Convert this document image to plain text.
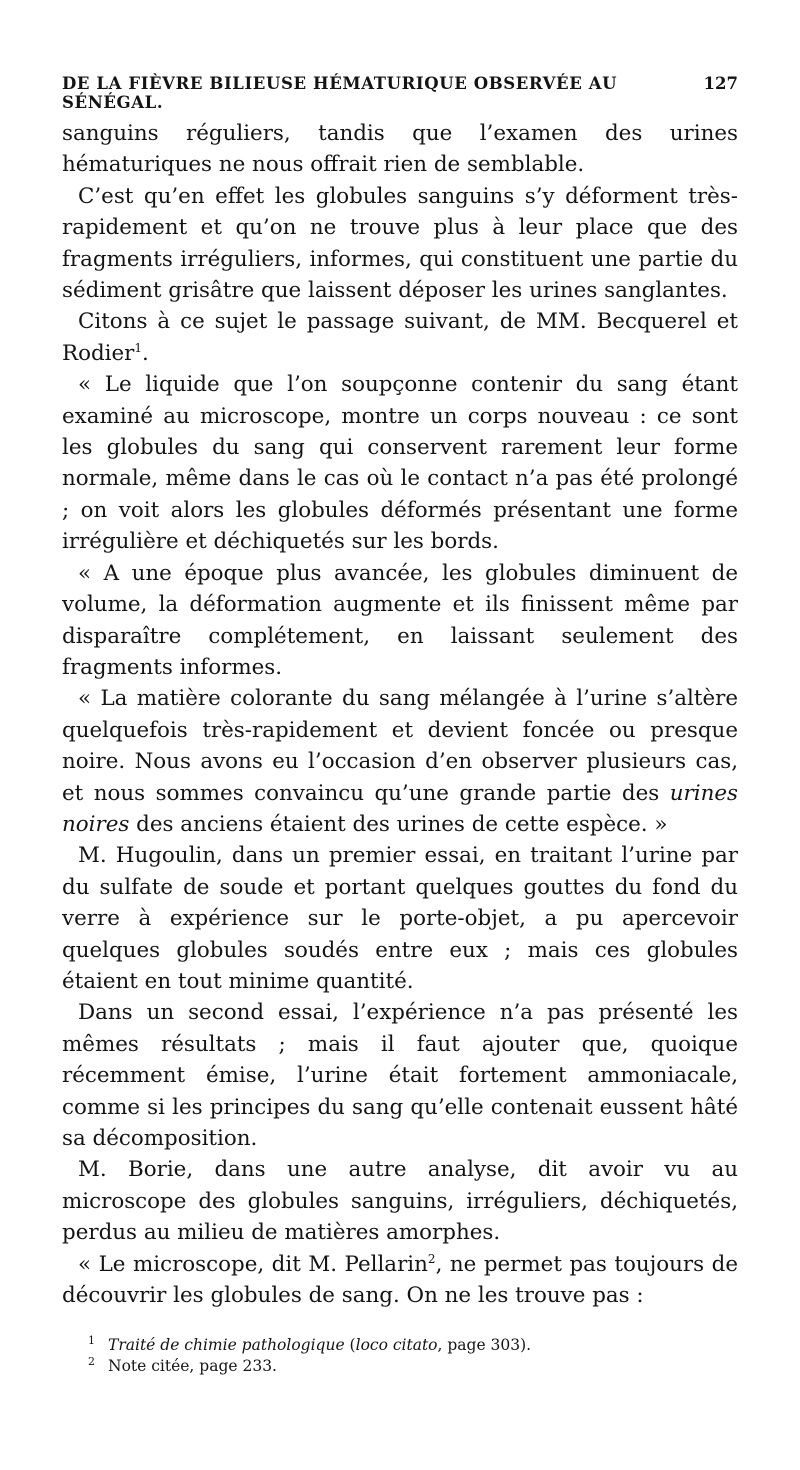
DE LA FIÈVRE BILIEUSE HÉMATURIQUE OBSERVÉE AU SÉNÉGAL.
127

sanguins réguliers, tandis que l’examen des urines hématuriques ne nous offrait rien de semblable.

C’est qu’en effet les globules sanguins s’y déforment très-rapidement et qu’on ne trouve plus à leur place que des fragments irréguliers, informes, qui constituent une partie du sédiment grisâtre que laissent déposer les urines sanglantes.

Citons à ce sujet le passage suivant, de MM. Becquerel et Rodier$^1$.

« Le liquide que l’on soupçonne contenir du sang étant examiné au microscope, montre un corps nouveau : ce sont les globules du sang qui conservent rarement leur forme normale, même dans le cas où le contact n’a pas été prolongé ; on voit alors les globules déformés présentant une forme irrégulière et déchiquetés sur les bords.

« A une époque plus avancée, les globules diminuent de volume, la déformation augmente et ils finissent même par disparaître complétement, en laissant seulement des fragments informes.

« La matière colorante du sang mélangée à l’urine s’altère quelquefois très-rapidement et devient foncée ou presque noire. Nous avons eu l’occasion d’en observer plusieurs cas, et nous sommes convaincu qu’une grande partie des urines noires des anciens étaient des urines de cette espèce. »

M. Hugoulin, dans un premier essai, en traitant l’urine par du sulfate de soude et portant quelques gouttes du fond du verre à expérience sur le porte-objet, a pu apercevoir quelques globules soudés entre eux ; mais ces globules étaient en tout minime quantité.

Dans un second essai, l’expérience n’a pas présenté les mêmes résultats ; mais il faut ajouter que, quoique récemment émise, l’urine était fortement ammoniacale, comme si les principes du sang qu’elle contenait eussent hâté sa décomposition.

M. Borie, dans une autre analyse, dit avoir vu au microscope des globules sanguins, irréguliers, déchiquetés, perdus au milieu de matières amorphes.

« Le microscope, dit M. Pellarin$^2$, ne permet pas toujours de découvrir les globules de sang. On ne les trouve pas :

1 Traité de chimie pathologique (loco citato, page 303).
2 Note citée, page 233.
